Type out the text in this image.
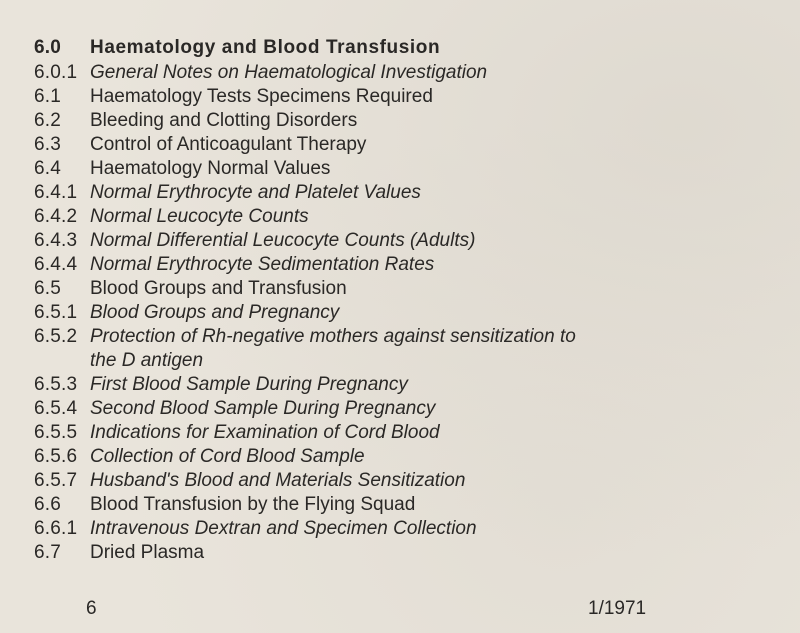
6.0	Haematology and Blood Transfusion
6.0.1 General Notes on Haematological Investigation
6.1	Haematology Tests Specimens Required
6.2	Bleeding and Clotting Disorders
6.3	Control of Anticoagulant Therapy
6.4	Haematology Normal Values
6.4.1 Normal Erythrocyte and Platelet Values
6.4.2 Normal Leucocyte Counts
6.4.3 Normal Differential Leucocyte Counts (Adults)
6.4.4 Normal Erythrocyte Sedimentation Rates
6.5	Blood Groups and Transfusion
6.5.1 Blood Groups and Pregnancy
6.5.2 Protection of Rh-negative mothers against sensitization to the D antigen
6.5.3 First Blood Sample During Pregnancy
6.5.4 Second Blood Sample During Pregnancy
6.5.5 Indications for Examination of Cord Blood
6.5.6 Collection of Cord Blood Sample
6.5.7 Husband's Blood and Materials Sensitization
6.6	Blood Transfusion by the Flying Squad
6.6.1 Intravenous Dextran and Specimen Collection
6.7	Dried Plasma
6	1/1971
